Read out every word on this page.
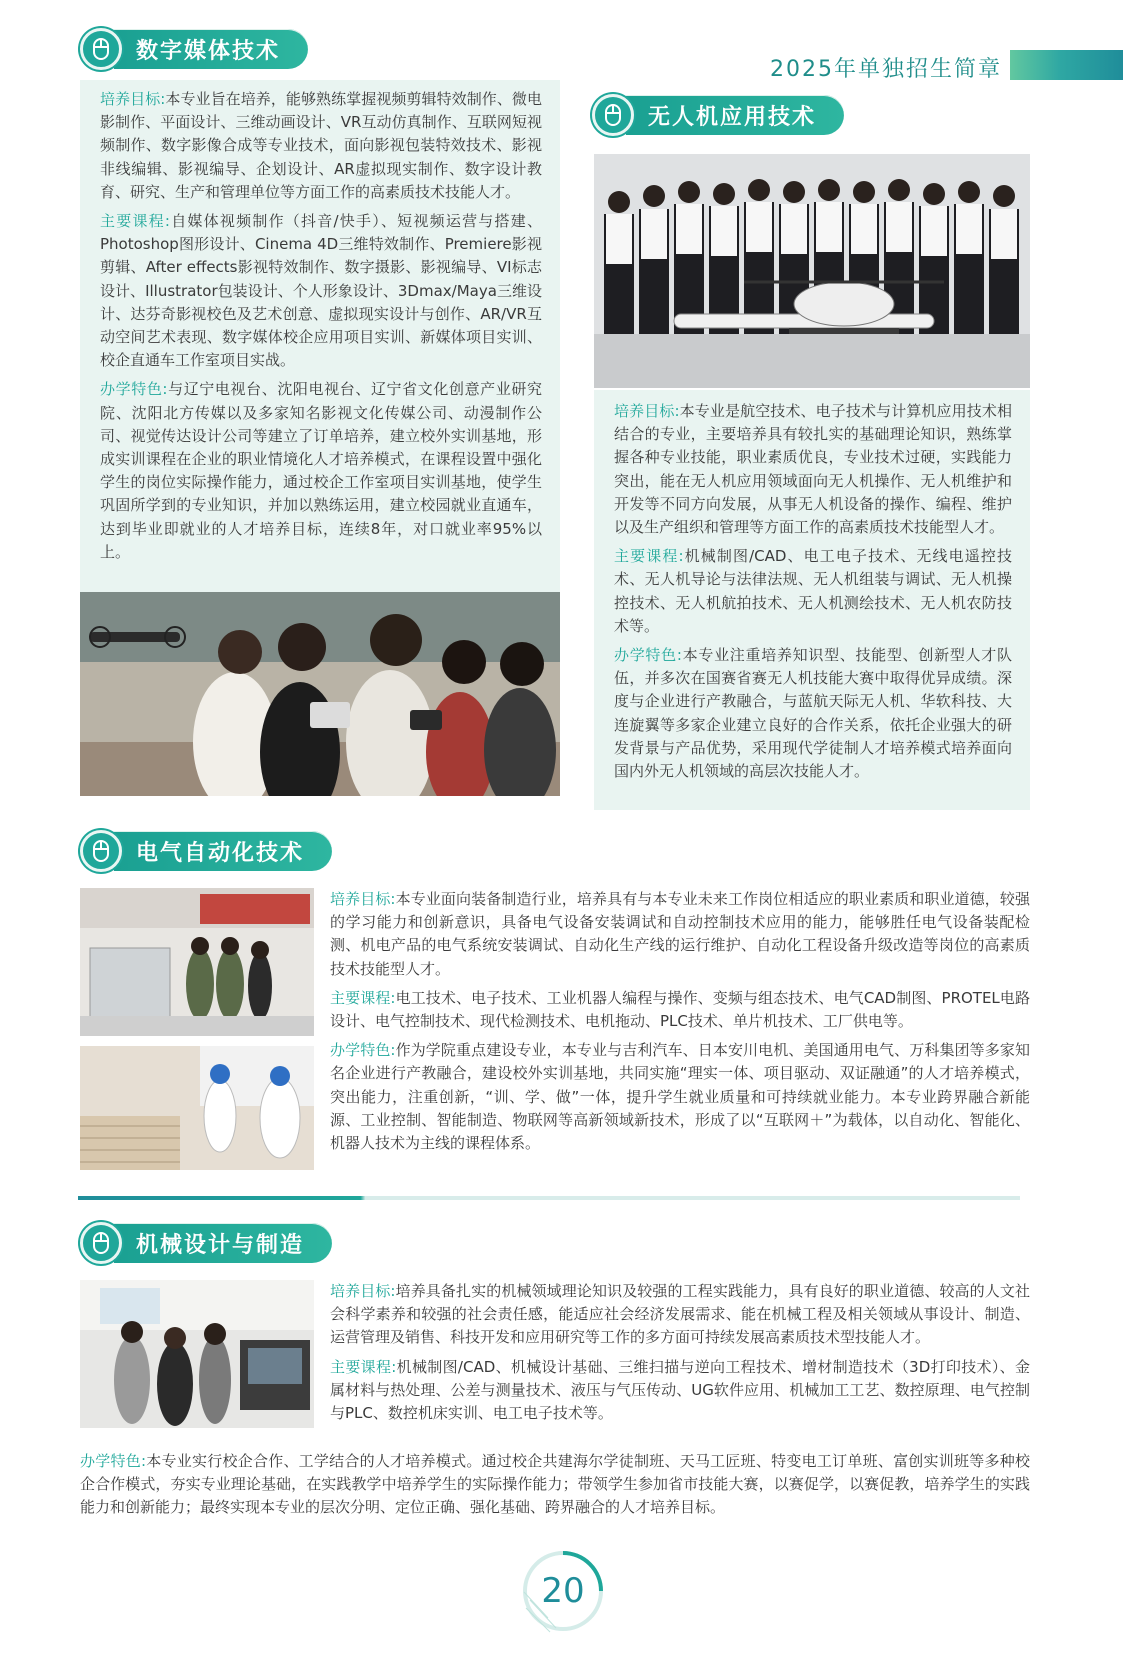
2025年单独招生简章
数字媒体技术

培养目标:本专业旨在培养，能够熟练掌握视频剪辑特效制作、微电影制作、平面设计、三维动画设计、VR互动仿真制作、互联网短视频制作、数字影像合成等专业技术，面向影视包装特效技术、影视非线编辑、影视编导、企划设计、AR虚拟现实制作、数字设计教育、研究、生产和管理单位等方面工作的高素质技术技能人才。

主要课程:自媒体视频制作（抖音/快手）、短视频运营与搭建、Photoshop图形设计、Cinema 4D三维特效制作、Premiere影视剪辑、After effects影视特效制作、数字摄影、影视编导、VI标志设计、Illustrator包装设计、个人形象设计、3Dmax/Maya三维设计、达芬奇影视校色及艺术创意、虚拟现实设计与创作、AR/VR互动空间艺术表现、数字媒体校企应用项目实训、新媒体项目实训、校企直通车工作室项目实战。

办学特色:与辽宁电视台、沈阳电视台、辽宁省文化创意产业研究院、沈阳北方传媒以及多家知名影视文化传媒公司、动漫制作公司、视觉传达设计公司等建立了订单培养，建立校外实训基地，形成实训课程在企业的职业情境化人才培养模式，在课程设置中强化学生的岗位实际操作能力，通过校企工作室项目实训基地，使学生巩固所学到的专业知识，并加以熟练运用，建立校园就业直通车，达到毕业即就业的人才培养目标，连续8年，对口就业率95%以上。

无人机应用技术

培养目标:本专业是航空技术、电子技术与计算机应用技术相结合的专业，主要培养具有较扎实的基础理论知识，熟练掌握各种专业技能，职业素质优良，专业技术过硬，实践能力突出，能在无人机应用领域面向无人机操作、无人机维护和开发等不同方向发展，从事无人机设备的操作、编程、维护以及生产组织和管理等方面工作的高素质技术技能型人才。

主要课程:机械制图/CAD、电工电子技术、无线电遥控技术、无人机导论与法律法规、无人机组装与调试、无人机操控技术、无人机航拍技术、无人机测绘技术、无人机农防技术等。

办学特色:本专业注重培养知识型、技能型、创新型人才队伍，并多次在国赛省赛无人机技能大赛中取得优异成绩。深度与企业进行产教融合，与蓝航天际无人机、华软科技、大连旋翼等多家企业建立良好的合作关系，依托企业强大的研发背景与产品优势，采用现代学徒制人才培养模式培养面向国内外无人机领域的高层次技能人才。

电气自动化技术

培养目标:本专业面向装备制造行业，培养具有与本专业未来工作岗位相适应的职业素质和职业道德，较强的学习能力和创新意识，具备电气设备安装调试和自动控制技术应用的能力，能够胜任电气设备装配检测、机电产品的电气系统安装调试、自动化生产线的运行维护、自动化工程设备升级改造等岗位的高素质技术技能型人才。

主要课程:电工技术、电子技术、工业机器人编程与操作、变频与组态技术、电气CAD制图、PROTEL电路设计、电气控制技术、现代检测技术、电机拖动、PLC技术、单片机技术、工厂供电等。

办学特色:作为学院重点建设专业，本专业与吉利汽车、日本安川电机、美国通用电气、万科集团等多家知名企业进行产教融合，建设校外实训基地，共同实施“理实一体、项目驱动、双证融通”的人才培养模式，突出能力，注重创新，“训、学、做”一体，提升学生就业质量和可持续就业能力。本专业跨界融合新能源、工业控制、智能制造、物联网等高新领域新技术，形成了以“互联网＋”为载体，以自动化、智能化、机器人技术为主线的课程体系。

机械设计与制造

培养目标:培养具备扎实的机械领域理论知识及较强的工程实践能力，具有良好的职业道德、较高的人文社会科学素养和较强的社会责任感，能适应社会经济发展需求、能在机械工程及相关领域从事设计、制造、运营管理及销售、科技开发和应用研究等工作的多方面可持续发展高素质技术型技能人才。

主要课程:机械制图/CAD、机械设计基础、三维扫描与逆向工程技术、增材制造技术（3D打印技术）、金属材料与热处理、公差与测量技术、液压与气压传动、UG软件应用、机械加工工艺、数控原理、电气控制与PLC、数控机床实训、电工电子技术等。

办学特色:本专业实行校企合作、工学结合的人才培养模式。通过校企共建海尔学徒制班、天马工匠班、特变电工订单班、富创实训班等多种校企合作模式，夯实专业理论基础，在实践教学中培养学生的实际操作能力；带领学生参加省市技能大赛，以赛促学，以赛促教，培养学生的实践能力和创新能力；最终实现本专业的层次分明、定位正确、强化基础、跨界融合的人才培养目标。

20
